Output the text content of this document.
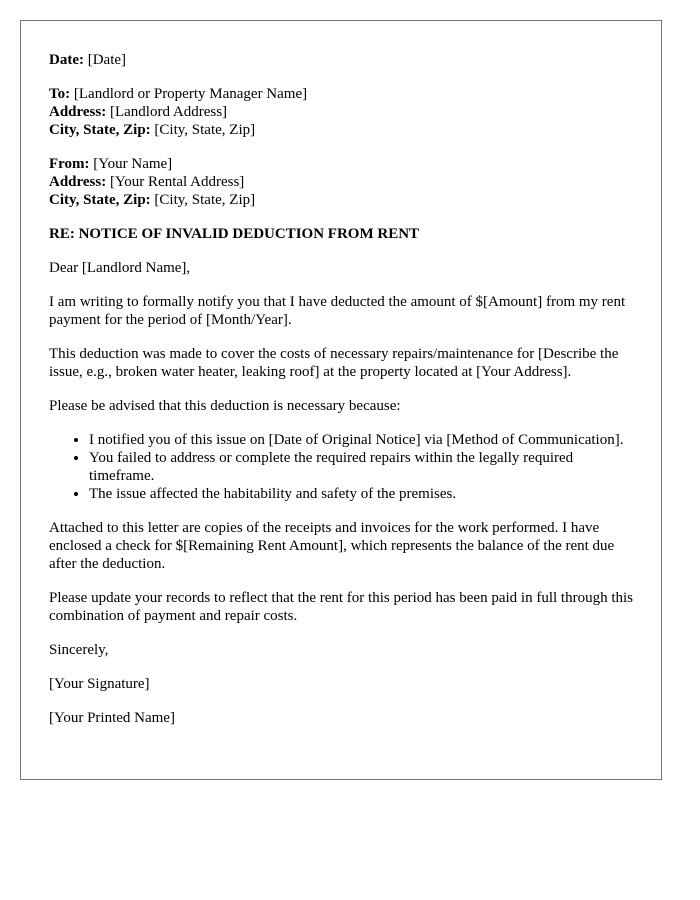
Date: [Date]
To: [Landlord or Property Manager Name]
Address: [Landlord Address]
City, State, Zip: [City, State, Zip]
From: [Your Name]
Address: [Your Rental Address]
City, State, Zip: [City, State, Zip]
RE: NOTICE OF INVALID DEDUCTION FROM RENT

Dear [Landlord Name],

I am writing to formally notify you that I have deducted the amount of $[Amount] from my rent payment for the period of [Month/Year].

This deduction was made to cover the costs of necessary repairs/maintenance for [Describe the issue, e.g., broken water heater, leaking roof] at the property located at [Your Address].

Please be advised that this deduction is necessary because:

• I notified you of this issue on [Date of Original Notice] via [Method of Communication].
• You failed to address or complete the required repairs within the legally required timeframe.
• The issue affected the habitability and safety of the premises.

Attached to this letter are copies of the receipts and invoices for the work performed. I have enclosed a check for $[Remaining Rent Amount], which represents the balance of the rent due after the deduction.

Please update your records to reflect that the rent for this period has been paid in full through this combination of payment and repair costs.

Sincerely,

[Your Signature]

[Your Printed Name]
